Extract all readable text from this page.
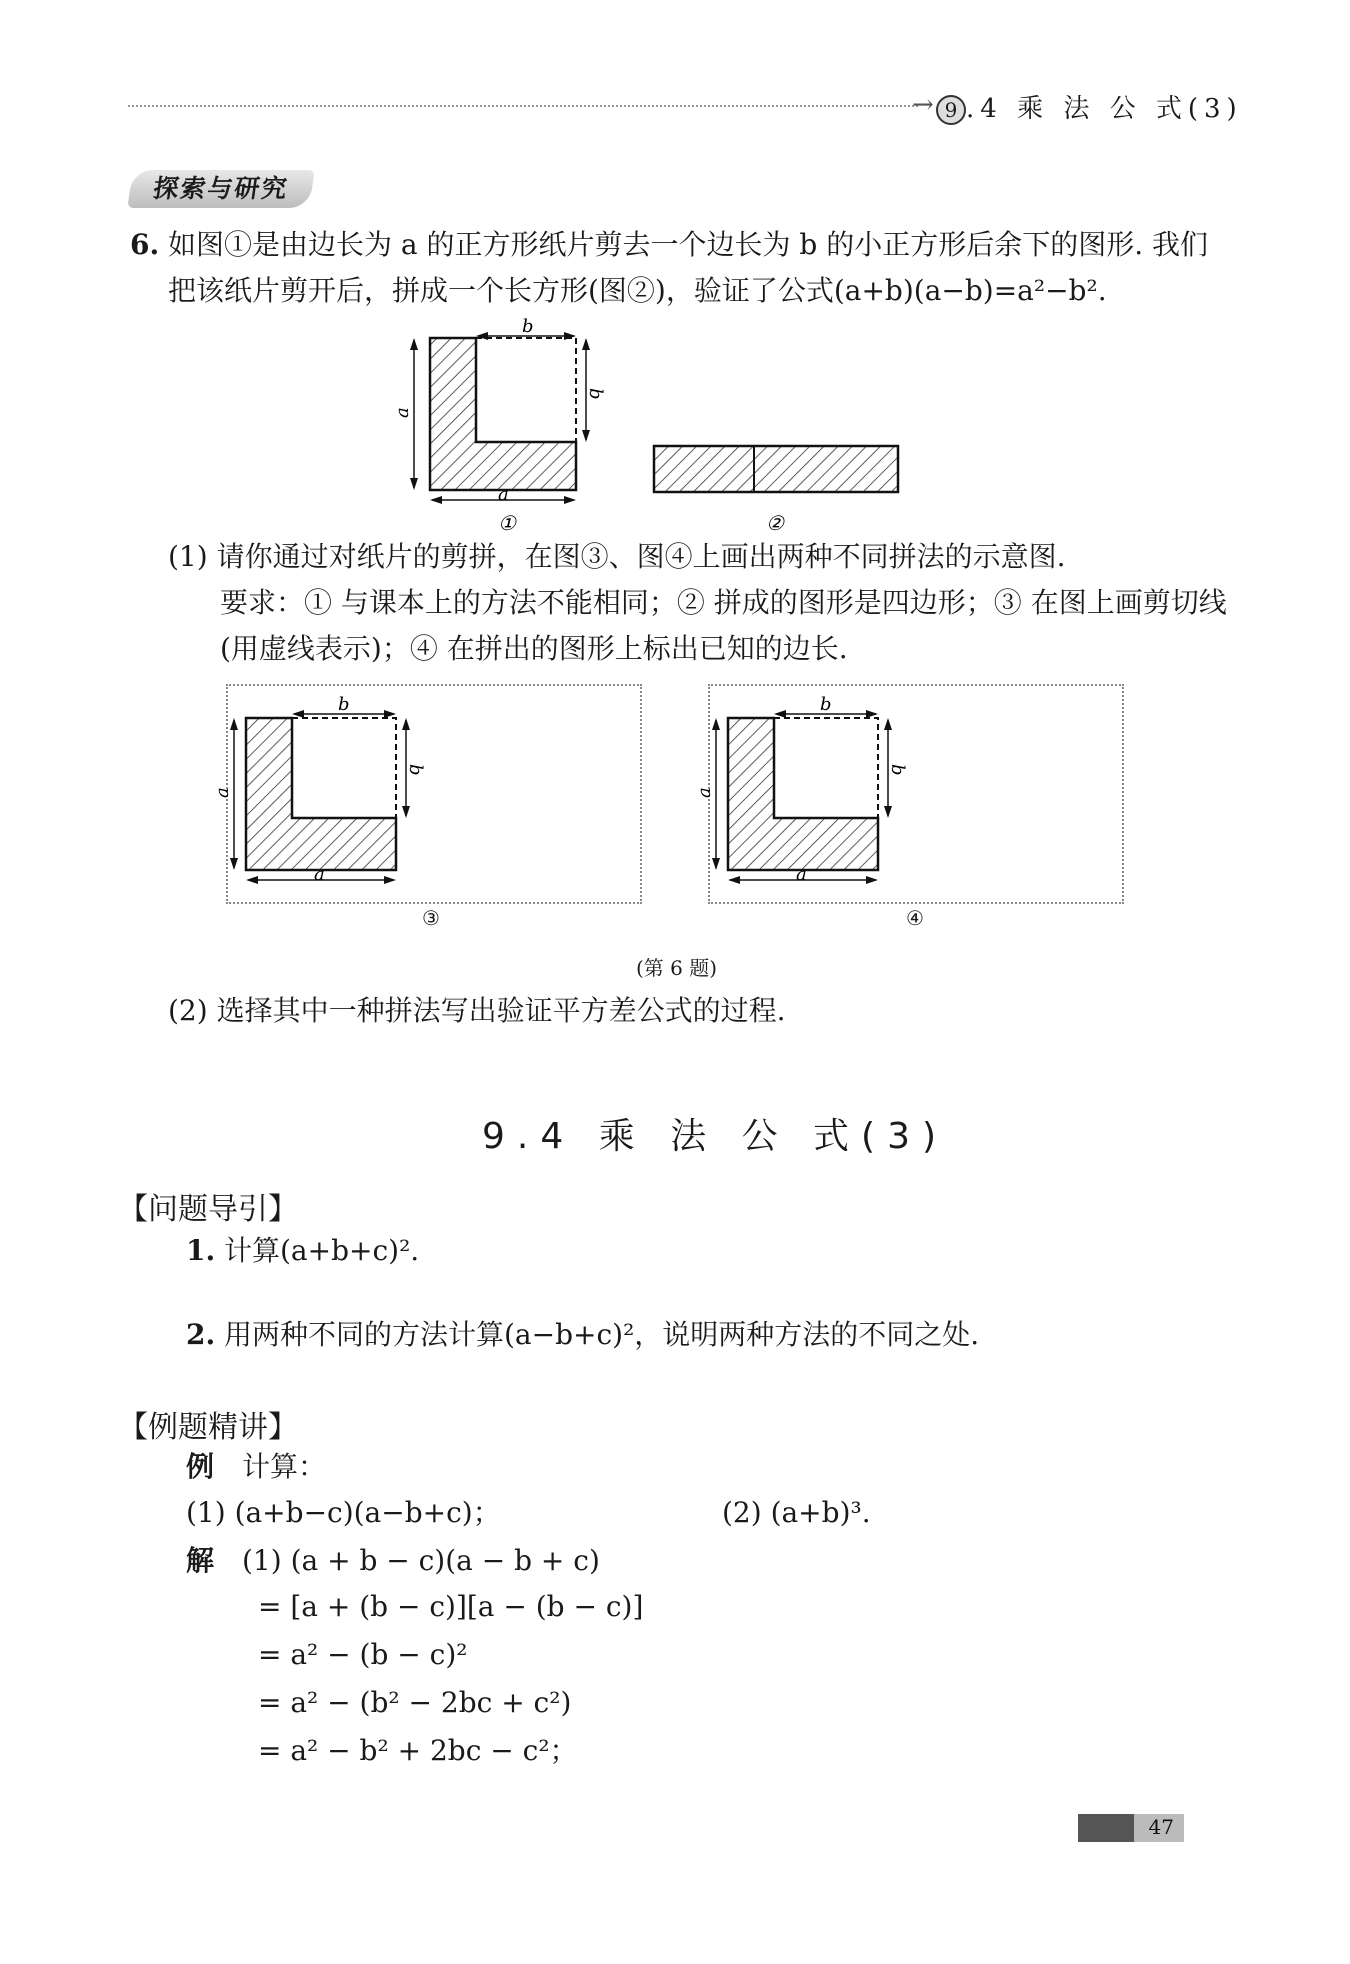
→ 9 .4 乘 法 公 式(3)
探索与研究
6. 如图①是由边长为 a 的正方形纸片剪去一个边长为 b 的小正方形后余下的图形. 我们
把该纸片剪开后，拼成一个长方形(图②)，验证了公式(a+b)(a−b)=a²−b².
a
a
b
b
①	②
(1) 请你通过对纸片的剪拼，在图③、图④上画出两种不同拼法的示意图.
要求：① 与课本上的方法不能相同；② 拼成的图形是四边形；③ 在图上画剪切线
(用虚线表示)；④ 在拼出的图形上标出已知的边长.
a
a
b
b
a
a
b
b
③	④
(第 6 题)
(2) 选择其中一种拼法写出验证平方差公式的过程.
9.4 乘 法 公 式(3)
【问题导引】
1. 计算(a+b+c)².
2. 用两种不同的方法计算(a−b+c)²，说明两种方法的不同之处.
【例题精讲】
例 计算：
(1) (a+b−c)(a−b+c)；	(2) (a+b)³.
解 (1) (a + b − c)(a − b + c)
= [a + (b − c)][a − (b − c)]
= a² − (b − c)²
= a² − (b² − 2bc + c²)
= a² − b² + 2bc − c²；
47
